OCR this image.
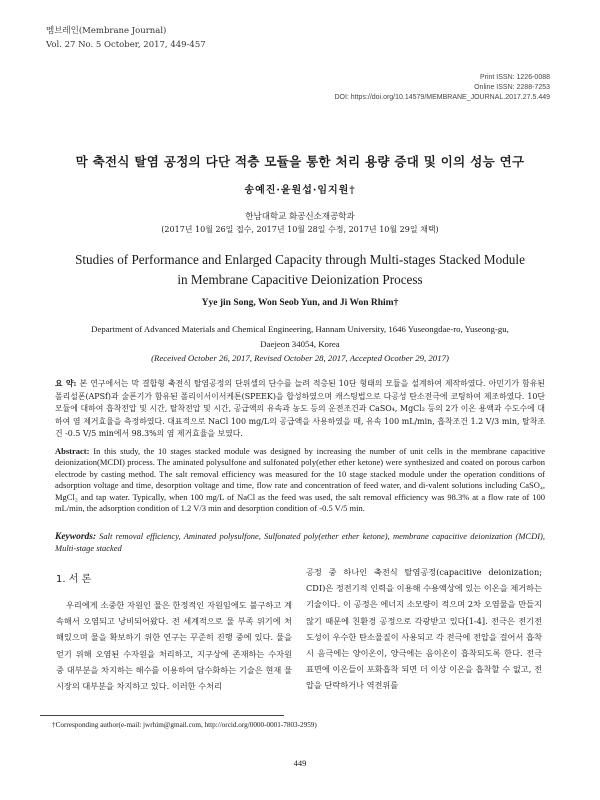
멤브레인(Membrane Journal)
Vol. 27 No. 5 October, 2017, 449-457
Print ISSN: 1226-0088
Online ISSN: 2288-7253
DOI: https://doi.org/10.14579/MEMBRANE_JOURNAL.2017.27.5.449
막 축전식 탈염 공정의 다단 적층 모듈을 통한 처리 용량 증대 및 이의 성능 연구
송예진·윤원섭·임지원†
한남대학교 화공신소재공학과
(2017년 10월 26일 접수, 2017년 10월 28일 수정, 2017년 10월 29일 채택)
Studies of Performance and Enlarged Capacity through Multi-stages Stacked Module
in Membrane Capacitive Deionization Process
Yye jin Song, Won Seob Yun, and Ji Won Rhim†
Department of Advanced Materials and Chemical Engineering, Hannam University, 1646 Yuseongdae-ro, Yuseong-gu,
Daejeon 34054, Korea
(Received October 26, 2017, Revised October 28, 2017, Accepted Ocotber 29, 2017)
요 약: 본 연구에서는 막 결합형 축전식 탈염공정의 단위셀의 단수를 늘려 적층된 10단 형태의 모듈을 설계하여 제작하였다. 아민기가 함유된 폴리설폰(APSf)과 술폰기가 함유된 폴리이서이서케톤(SPEEK)을 합성하였으며 캐스팅법으로 다공성 탄소전극에 코팅하여 제조하였다. 10단 모듈에 대하여 흡착전압 및 시간, 탈착전압 및 시간, 공급액의 유속과 농도 등의 운전조건과 CaSO₄, MgCl₂ 등의 2가 이온 용액과 수도수에 대하여 염 제거효율을 측정하였다. 대표적으로 NaCl 100 mg/L의 공급액을 사용하였을 때, 유속 100 mL/min, 흡착조건 1.2 V/3 min, 탈착조건 -0.5 V/5 min에서 98.3%의 염 제거효율을 보였다.
Abstract: In this study, the 10 stages stacked module was designed by increasing the number of unit cells in the membrane capacitive deionization(MCDI) process. The aminated polysulfone and sulfonated poly(ether ether ketone) were synthesized and coated on porous carbon electrode by casting method. The salt removal efficiency was measured for the 10 stage stacked module under the operation conditions of adsorption voltage and time, desorption voltage and time, flow rate and concentration of feed water, and di-valent solutions including CaSO₄, MgCl₂ and tap water. Typically, when 100 mg/L of NaCl as the feed was used, the salt removal efficiency was 98.3% at a flow rate of 100 mL/min, the adsorption condition of 1.2 V/3 min and desorption condition of -0.5 V/5 min.
Keywords: Salt removal efficiency, Aminated polysulfone, Sulfonated poly(ether ether ketone), membrane capacitive deionization (MCDI), Multi-stage stacked
1. 서 론
우리에게 소중한 자원인 물은 한정적인 자원임에도 불구하고 계속해서 오염되고 낭비되어왔다. 전 세계적으로 물 부족 위기에 처해있으며 물을 확보하기 위한 연구는 꾸준히 진행 중에 있다. 물을 얻기 위해 오염된 수자원을 처리하고, 지구상에 존재하는 수자원 중 대부분을 차지하는 해수를 이용하여 담수화하는 기술은 현재 물 시장의 대부분을 차지하고 있다. 이러한 수처리
공정 중 하나인 축전식 탈염공정(capacitive deionization; CDI)은 정전기적 인력을 이용해 수용액상에 있는 이온을 제거하는 기술이다. 이 공정은 에너지 소모량이 적으며 2차 오염물을 만들지 않기 때문에 친환경 공정으로 각광받고 있다[1-4]. 전극은 전기전도성이 우수한 탄소물질이 사용되고 각 전극에 전압을 걸어서 흡착 시 음극에는 양이온이, 양극에는 음이온이 흡착되도록 한다. 전극 표면에 이온들이 포화흡착 되면 더 이상 이온을 흡착할 수 없고, 전압을 단락하거나 역전위를
†Corresponding author(e-mail: jwrhim@gmail.com, http://orcid.org/0000-0001-7803-2959)
449
